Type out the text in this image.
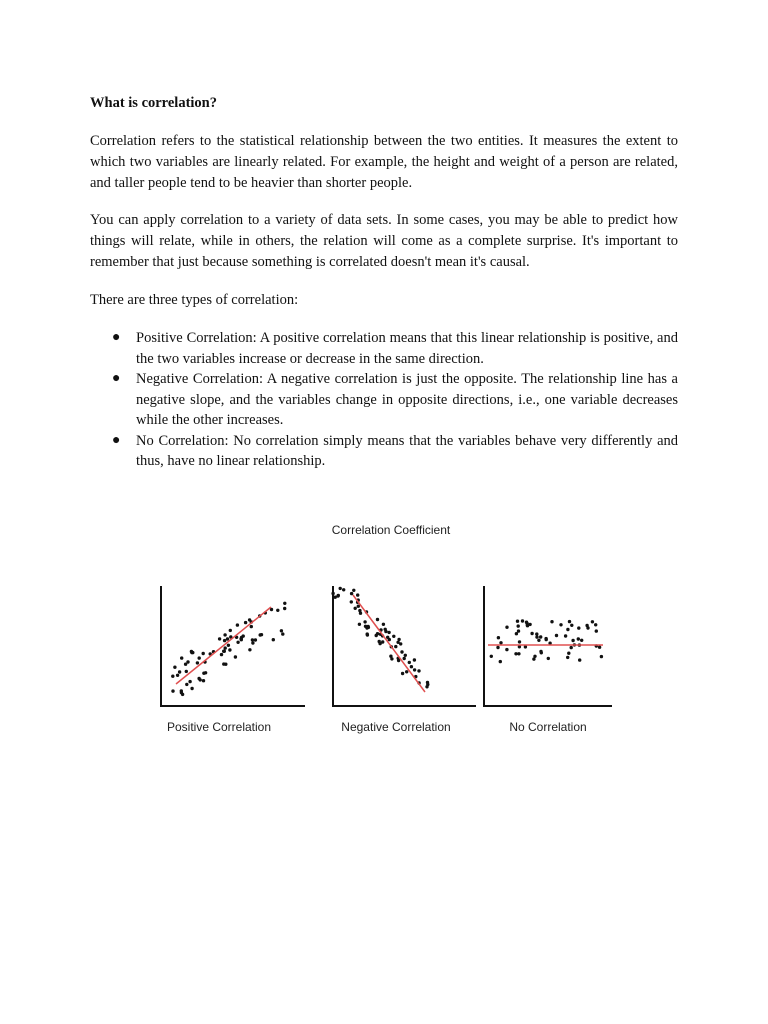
What is correlation?

Correlation refers to the statistical relationship between the two entities. It measures the extent to which two variables are linearly related. For example, the height and weight of a person are related, and taller people tend to be heavier than shorter people.

You can apply correlation to a variety of data sets. In some cases, you may be able to predict how things will relate, while in others, the relation will come as a complete surprise. It's important to remember that just because something is correlated doesn't mean it's causal.

There are three types of correlation:

● Positive Correlation: A positive correlation means that this linear relationship is positive, and the two variables increase or decrease in the same direction.
● Negative Correlation: A negative correlation is just the opposite. The relationship line has a negative slope, and the variables change in opposite directions, i.e., one variable decreases while the other increases.
● No Correlation: No correlation simply means that the variables behave very differently and thus, have no linear relationship.
Correlation Coefficient
Positive Correlation	Negative Correlation	No Correlation
